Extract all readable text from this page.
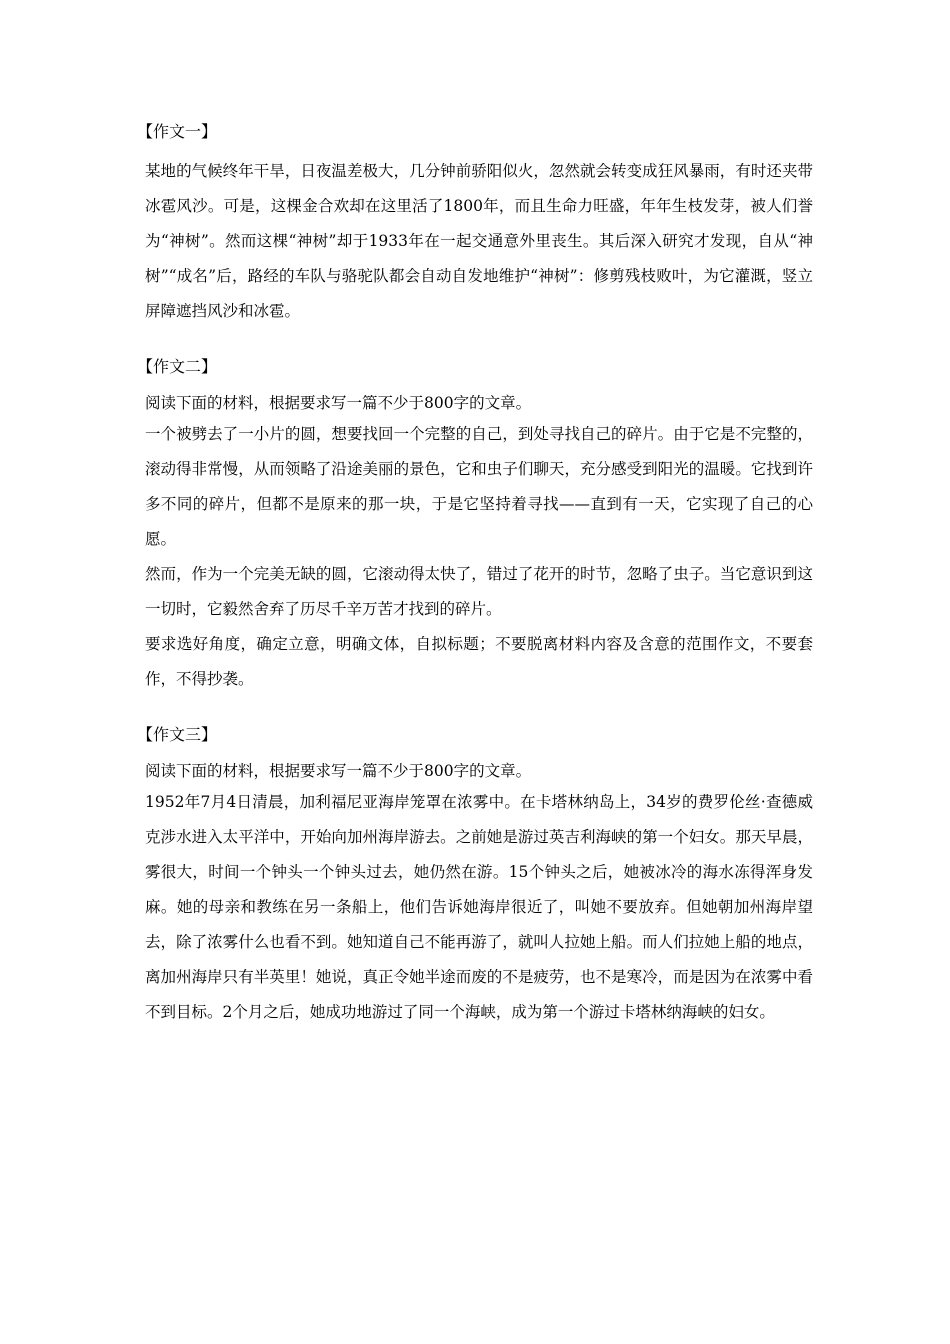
【作文一】

某地的气候终年干旱，日夜温差极大，几分钟前骄阳似火，忽然就会转变成狂风暴雨，有时还夹带冰雹风沙。可是，这棵金合欢却在这里活了1800年，而且生命力旺盛，年年生枝发芽，被人们誉为“神树”。然而这棵“神树”却于1933年在一起交通意外里丧生。其后深入研究才发现，自从“神树”“成名”后，路经的车队与骆驼队都会自动自发地维护“神树”：修剪残枝败叶，为它灌溉，竖立屏障遮挡风沙和冰雹。

【作文二】

阅读下面的材料，根据要求写一篇不少于800字的文章。

一个被劈去了一小片的圆，想要找回一个完整的自己，到处寻找自己的碎片。由于它是不完整的，滚动得非常慢，从而领略了沿途美丽的景色，它和虫子们聊天，充分感受到阳光的温暖。它找到许多不同的碎片，但都不是原来的那一块，于是它坚持着寻找——直到有一天，它实现了自己的心愿。

然而，作为一个完美无缺的圆，它滚动得太快了，错过了花开的时节，忽略了虫子。当它意识到这一切时，它毅然舍弃了历尽千辛万苦才找到的碎片。

要求选好角度，确定立意，明确文体，自拟标题；不要脱离材料内容及含意的范围作文，不要套作，不得抄袭。

【作文三】

阅读下面的材料，根据要求写一篇不少于800字的文章。

1952年7月4日清晨，加利福尼亚海岸笼罩在浓雾中。在卡塔林纳岛上，34岁的费罗伦丝·查德威克涉水进入太平洋中，开始向加州海岸游去。之前她是游过英吉利海峡的第一个妇女。那天早晨，雾很大，时间一个钟头一个钟头过去，她仍然在游。15个钟头之后，她被冰冷的海水冻得浑身发麻。她的母亲和教练在另一条船上，他们告诉她海岸很近了，叫她不要放弃。但她朝加州海岸望去，除了浓雾什么也看不到。她知道自己不能再游了，就叫人拉她上船。而人们拉她上船的地点，离加州海岸只有半英里！她说，真正令她半途而废的不是疲劳，也不是寒冷，而是因为在浓雾中看不到目标。2个月之后，她成功地游过了同一个海峡，成为第一个游过卡塔林纳海峡的妇女。
